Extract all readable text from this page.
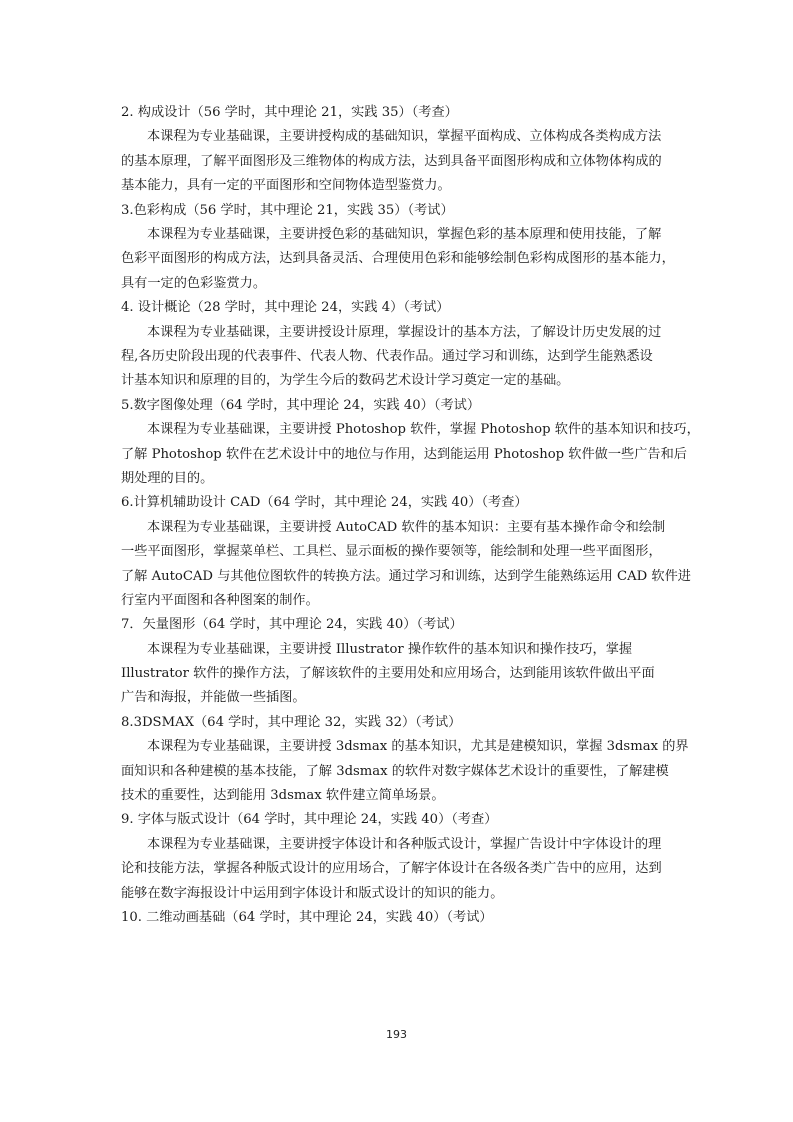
2. 构成设计（56 学时，其中理论 21，实践 35）（考查）

本课程为专业基础课，主要讲授构成的基础知识，掌握平面构成、立体构成各类构成方法
的基本原理，了解平面图形及三维物体的构成方法，达到具备平面图形构成和立体物体构成的
基本能力，具有一定的平面图形和空间物体造型鉴赏力。

3.色彩构成（56 学时，其中理论 21，实践 35）（考试）

本课程为专业基础课，主要讲授色彩的基础知识，掌握色彩的基本原理和使用技能，了解
色彩平面图形的构成方法，达到具备灵活、合理使用色彩和能够绘制色彩构成图形的基本能力，
具有一定的色彩鉴赏力。

4. 设计概论（28 学时，其中理论 24，实践 4）（考试）

本课程为专业基础课，主要讲授设计原理，掌握设计的基本方法，了解设计历史发展的过
程,各历史阶段出现的代表事件、代表人物、代表作品。通过学习和训练，达到学生能熟悉设
计基本知识和原理的目的，为学生今后的数码艺术设计学习奠定一定的基础。

5.数字图像处理（64 学时，其中理论 24，实践 40）（考试）

本课程为专业基础课，主要讲授 Photoshop 软件，掌握 Photoshop 软件的基本知识和技巧，
了解 Photoshop 软件在艺术设计中的地位与作用，达到能运用 Photoshop 软件做一些广告和后
期处理的目的。

6.计算机辅助设计 CAD（64 学时，其中理论 24，实践 40）（考查）

本课程为专业基础课，主要讲授 AutoCAD 软件的基本知识：主要有基本操作命令和绘制
一些平面图形，掌握菜单栏、工具栏、显示面板的操作要领等，能绘制和处理一些平面图形，
了解 AutoCAD 与其他位图软件的转换方法。通过学习和训练，达到学生能熟练运用 CAD 软件进
行室内平面图和各种图案的制作。

7．矢量图形（64 学时，其中理论 24，实践 40）（考试）

本课程为专业基础课，主要讲授 Illustrator 操作软件的基本知识和操作技巧，掌握
Illustrator 软件的操作方法，了解该软件的主要用处和应用场合，达到能用该软件做出平面
广告和海报，并能做一些插图。

8.3DSMAX（64 学时，其中理论 32，实践 32）（考试）

本课程为专业基础课，主要讲授 3dsmax 的基本知识，尤其是建模知识，掌握 3dsmax 的界
面知识和各种建模的基本技能，了解 3dsmax 的软件对数字媒体艺术设计的重要性，了解建模
技术的重要性，达到能用 3dsmax 软件建立简单场景。

9. 字体与版式设计（64 学时，其中理论 24，实践 40）（考查）

本课程为专业基础课，主要讲授字体设计和各种版式设计，掌握广告设计中字体设计的理
论和技能方法，掌握各种版式设计的应用场合，了解字体设计在各级各类广告中的应用，达到
能够在数字海报设计中运用到字体设计和版式设计的知识的能力。

10. 二维动画基础（64 学时，其中理论 24，实践 40）（考试）

193
